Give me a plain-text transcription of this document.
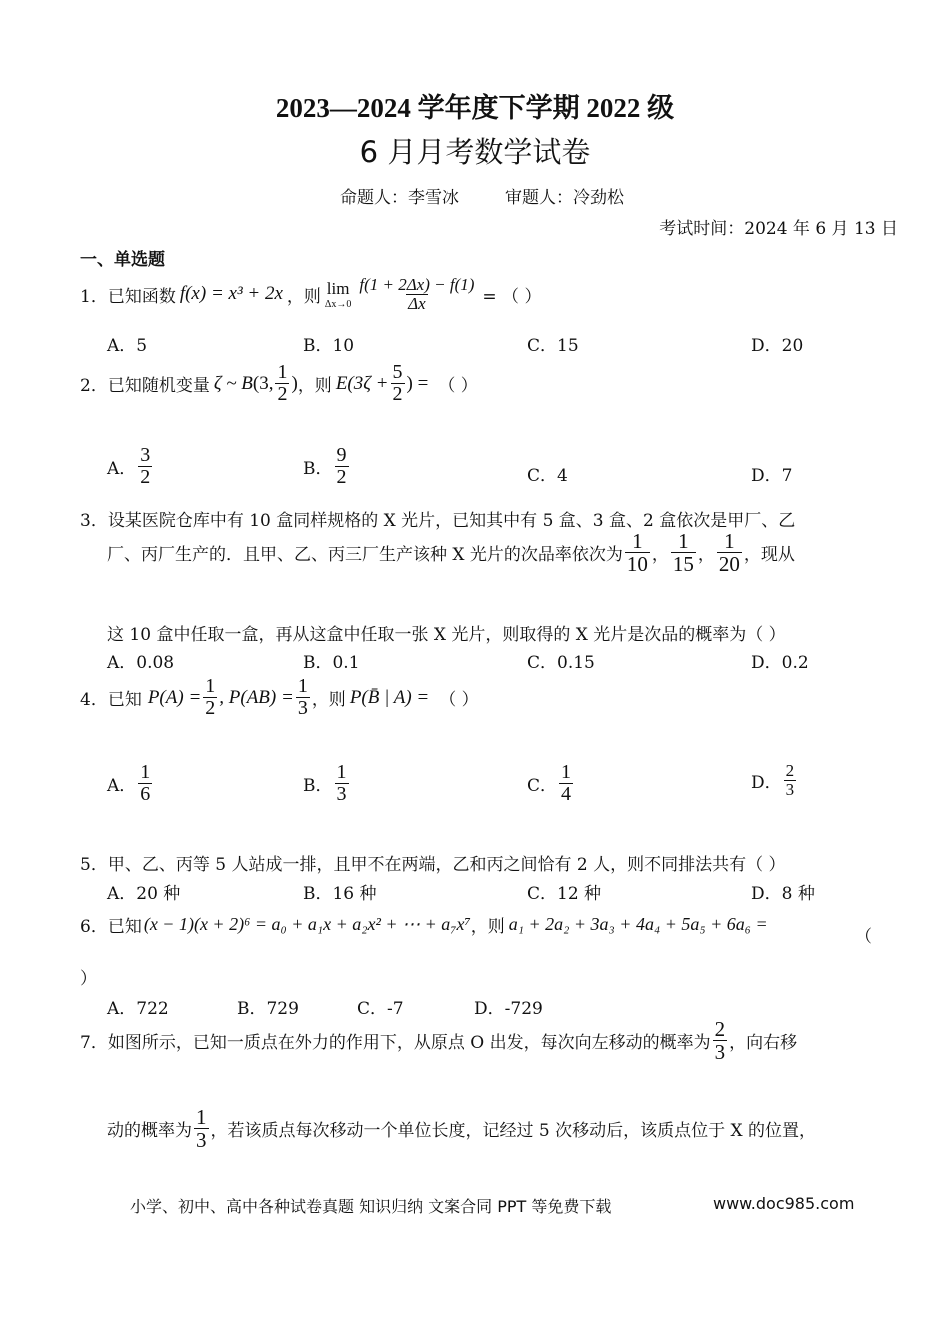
2023—2024 学年度下学期 2022 级
6 月月考数学试卷
命题人：李雪冰	审题人：冷劲松
考试时间：2024 年 6 月 13 日
一、单选题
1． 已知函数 f(x) = x³ + 2x ，则 lim
$\Delta x\to 0 \frac{f(1 + 2\Delta x) - f(1)}{\Delta x}$ = （ ）
A．5	B．10	C．15	D．20
2． 已知随机变量 ζ ~ B (3, $\frac{1}{2}$ ) ，则 $E(3\zeta + \frac{5}{2}$ ) = （ ）
A． $\frac{3}{2}$	B． $\frac{9}{2}$	C．4	D．7
3．设某医院仓库中有 10 盒同样规格的 X 光片，已知其中有 5 盒、3 盒、2 盒依次是甲厂、乙
厂、丙厂生产的．且甲、乙、丙三厂生产该种 X 光片的次品率依次为 $\frac{1}{10}$ ， $\frac{1}{15}$ ， $\frac{1}{20}$ ，现从
这 10 盒中任取一盒，再从这盒中任取一张 X 光片，则取得的 X 光片是次品的概率为（ ）
A．0.08	B．0.1	C．0.15	D．0.2
4． 已知 $P(A) = \frac{1}{2}$ , $P(AB) = \frac{1}{3}$ ，则 P(B̄ | A) = （ ）
A． $\frac{1}{6}$	B． $\frac{1}{3}$	C． $\frac{1}{4}$	D． $\frac{2}{3}$
5．甲、乙、丙等 5 人站成一排，且甲不在两端，乙和丙之间恰有 2 人，则不同排法共有（ ）
A．20 种	B．16 种	C．12 种	D．8 种
6． 已知 (x − 1)(x + 2)⁶ = a₀ + a₁x + a₂x² + ⋯ + a₇x⁷ ，则 a₁ + 2a₂ + 3a₃ + 4a₄ + 5a₅ + 6a₆ =
（
）
A．722	B．729	C．-7	D．-729
7． 如图所示，已知一质点在外力的作用下，从原点 O 出发，每次向左移动的概率为 $\frac{2}{3}$ ，向右移
动的概率为 $\frac{1}{3}$ ，若该质点每次移动一个单位长度，记经过 5 次移动后，该质点位于 X 的位置，
小学、初中、高中各种试卷真题 知识归纳 文案合同 PPT 等免费下载	www.doc985.com
